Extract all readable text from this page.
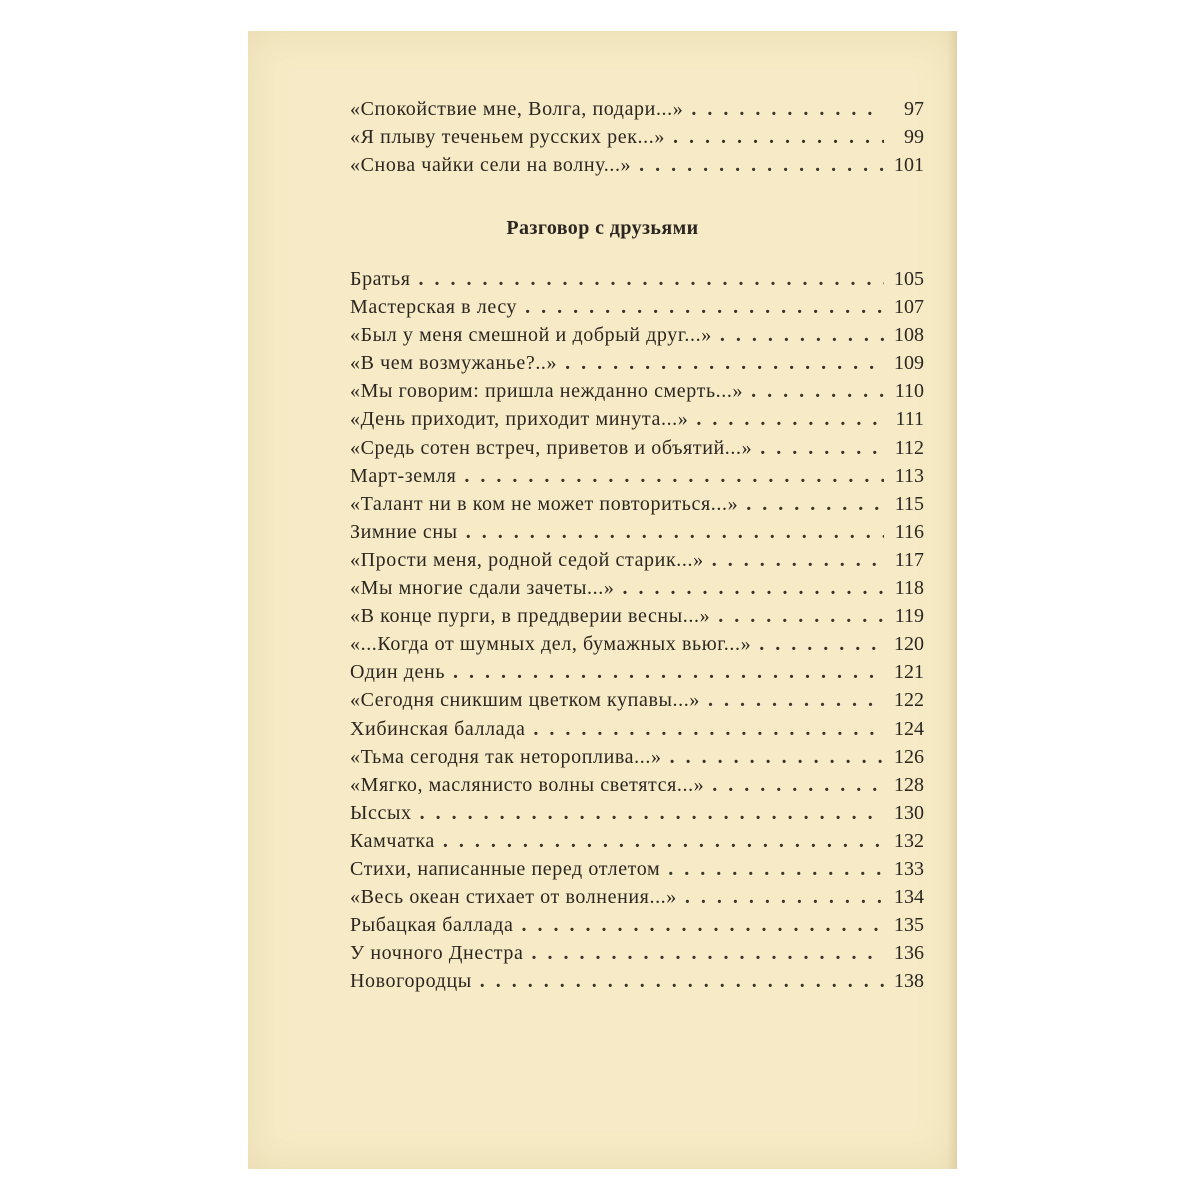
«Спокойствие мне, Волга, подари...» . . .	97
«Я плыву теченьем русских рек...» . . .	99
«Снова чайки сели на волну...» . . .	101
Разговор с друзьями
Братья . . .	105
Мастерская в лесу . . .	107
«Был у меня смешной и добрый друг...» . . .	108
«В чем возмужанье?..» . . .	109
«Мы говорим: пришла нежданно смерть...» . . .	110
«День приходит, приходит минута...» . . .	111
«Средь сотен встреч, приветов и объятий...» . . .	112
Март-земля . . .	113
«Талант ни в ком не может повториться...» . . .	115
Зимние сны . . .	116
«Прости меня, родной седой старик...» . . .	117
«Мы многие сдали зачеты...» . . .	118
«В конце пурги, в преддверии весны...» . . .	119
«...Когда от шумных дел, бумажных вьюг...» . . .	120
Один день . . .	121
«Сегодня сникшим цветком купавы...» . . .	122
Хибинская баллада . . .	124
«Тьма сегодня так нетороплива...» . . .	126
«Мягко, маслянисто волны светятся...» . . .	128
Ыссых . . .	130
Камчатка . . .	132
Стихи, написанные перед отлетом . . .	133
«Весь океан стихает от волнения...» . . .	134
Рыбацкая баллада . . .	135
У ночного Днестра . . .	136
Новогородцы . . .	138
